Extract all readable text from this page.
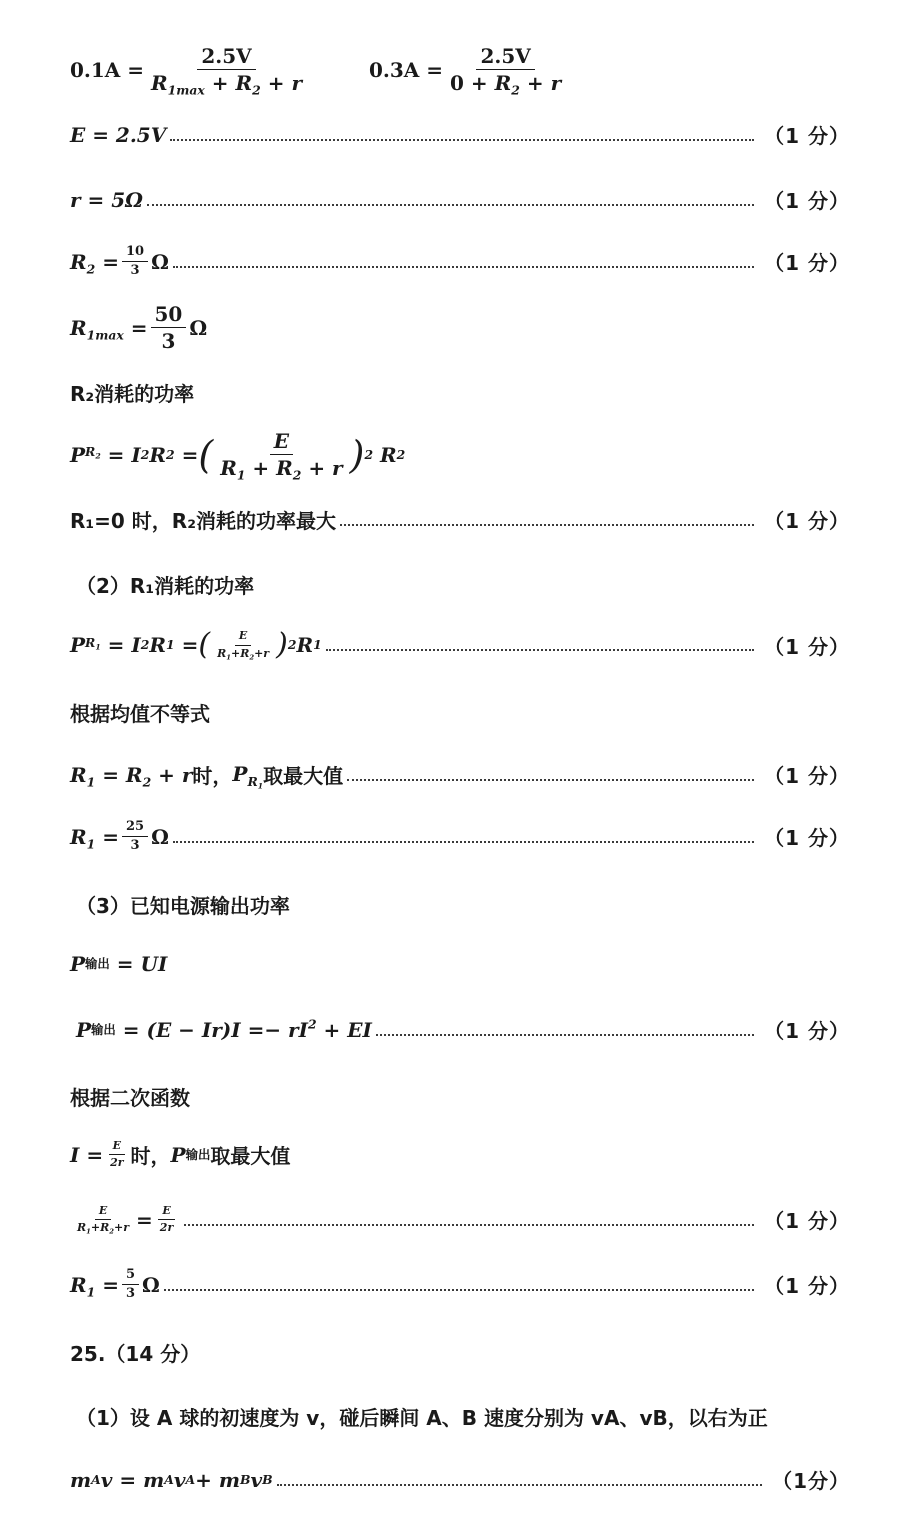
$0.1A = \frac{2.5V}{R_{1max} + R_2 + r}$	$0.3A = \frac{2.5V}{0 + R_2 + r}$
E = 2.5V	（1 分）
r = 5Ω	（1 分）
$R_2 = \frac{10}{3}$ Ω	（1 分）
$R_{1max} = \frac{50}{3}$ Ω
R₂消耗的功率
P $R_2 = I$ 2 R 2 = ( $\frac{E}{R_1 + R_2 + r}$ ) 2 R 2
R₁=0 时，R₂消耗的功率最大	（1 分）
（2）R₁消耗的功率
P $R_1 = I$ 2 R 1 = ( $\frac{E}{R_1+R_2+r}$ ) 2 R 1	（1 分）
根据均值不等式
$R_1 = R_2 + r$ 时， $P_{R_1}$ 取最大值	（1 分）
$R_1 = \frac{25}{3}$ Ω	（1 分）
（3）已知电源输出功率
P 输出 = UI
P 输出 = $(E - Ir)I =- rI^2$ + EI	（1 分）
根据二次函数
$I = \frac{E}{2r}$ 时， P 输出 取最大值
$\frac{E}{R_1+R_2+r} = \frac{E}{2r}$	（1 分）
$R_1 = \frac{5}{3}$ Ω	（1 分）
25.（14 分）
（1）设 A 球的初速度为 v，碰后瞬间 A、B 速度分别为 vA、vB，以右为正
m A v = m A v A + m B v B	（1分）
